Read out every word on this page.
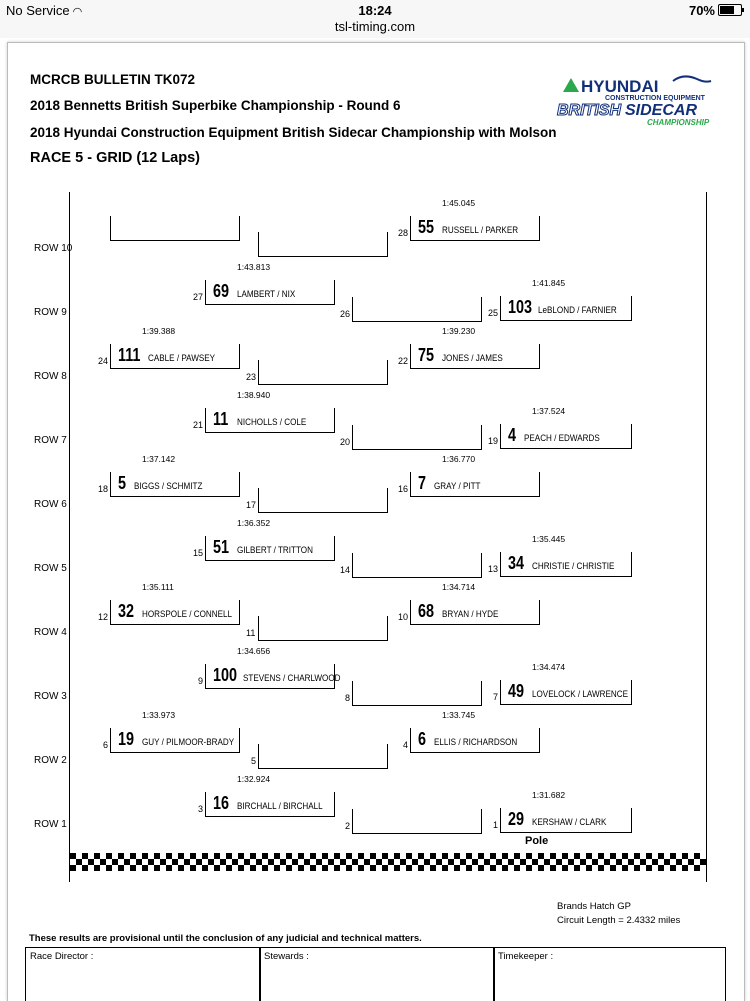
No Service ◠	18:24
tsl-timing.com
70%
MCRCB BULLETIN TK072
2018 Bennetts British Superbike Championship - Round 6
2018 Hyundai Construction Equipment British Sidecar Championship with Molson
RACE 5 - GRID (12 Laps)
HYUNDAI
CONSTRUCTION EQUIPMENT
BRITISH SIDECAR
CHAMPIONSHIP
ROW 10
ROW 9
ROW 8
ROW 7
ROW 6
ROW 5
ROW 4
ROW 3
ROW 2
ROW 1	1
1:31.682
29 KERSHAW / CLARK
2
3
1:32.924
16 BIRCHALL / BIRCHALL
4
1:33.745
6 ELLIS / RICHARDSON
5
6
1:33.973
19 GUY / PILMOOR-BRADY
7
1:34.474
49 LOVELOCK / LAWRENCE
8
9
1:34.656
100 STEVENS / CHARLWOOD
10
1:34.714
68 BRYAN / HYDE
11
12
1:35.111
32 HORSPOLE / CONNELL
13
1:35.445
34 CHRISTIE / CHRISTIE
14
15
1:36.352
51 GILBERT / TRITTON
16
1:36.770
7 GRAY / PITT
17
18
1:37.142
5 BIGGS / SCHMITZ
19
1:37.524
4 PEACH / EDWARDS
20
21
1:38.940
11 NICHOLLS / COLE
22
1:39.230
75 JONES / JAMES
23
24
1:39.388
111 CABLE / PAWSEY
25
1:41.845
103 LeBLOND / FARNIER
26
27
1:43.813
69 LAMBERT / NIX
28
1:45.045
55 RUSSELL / PARKER
Pole
Brands Hatch GP
Circuit Length = 2.4332 miles
These results are provisional until the conclusion of any judicial and technical matters.
Race Director :	Stewards :	Timekeeper :
